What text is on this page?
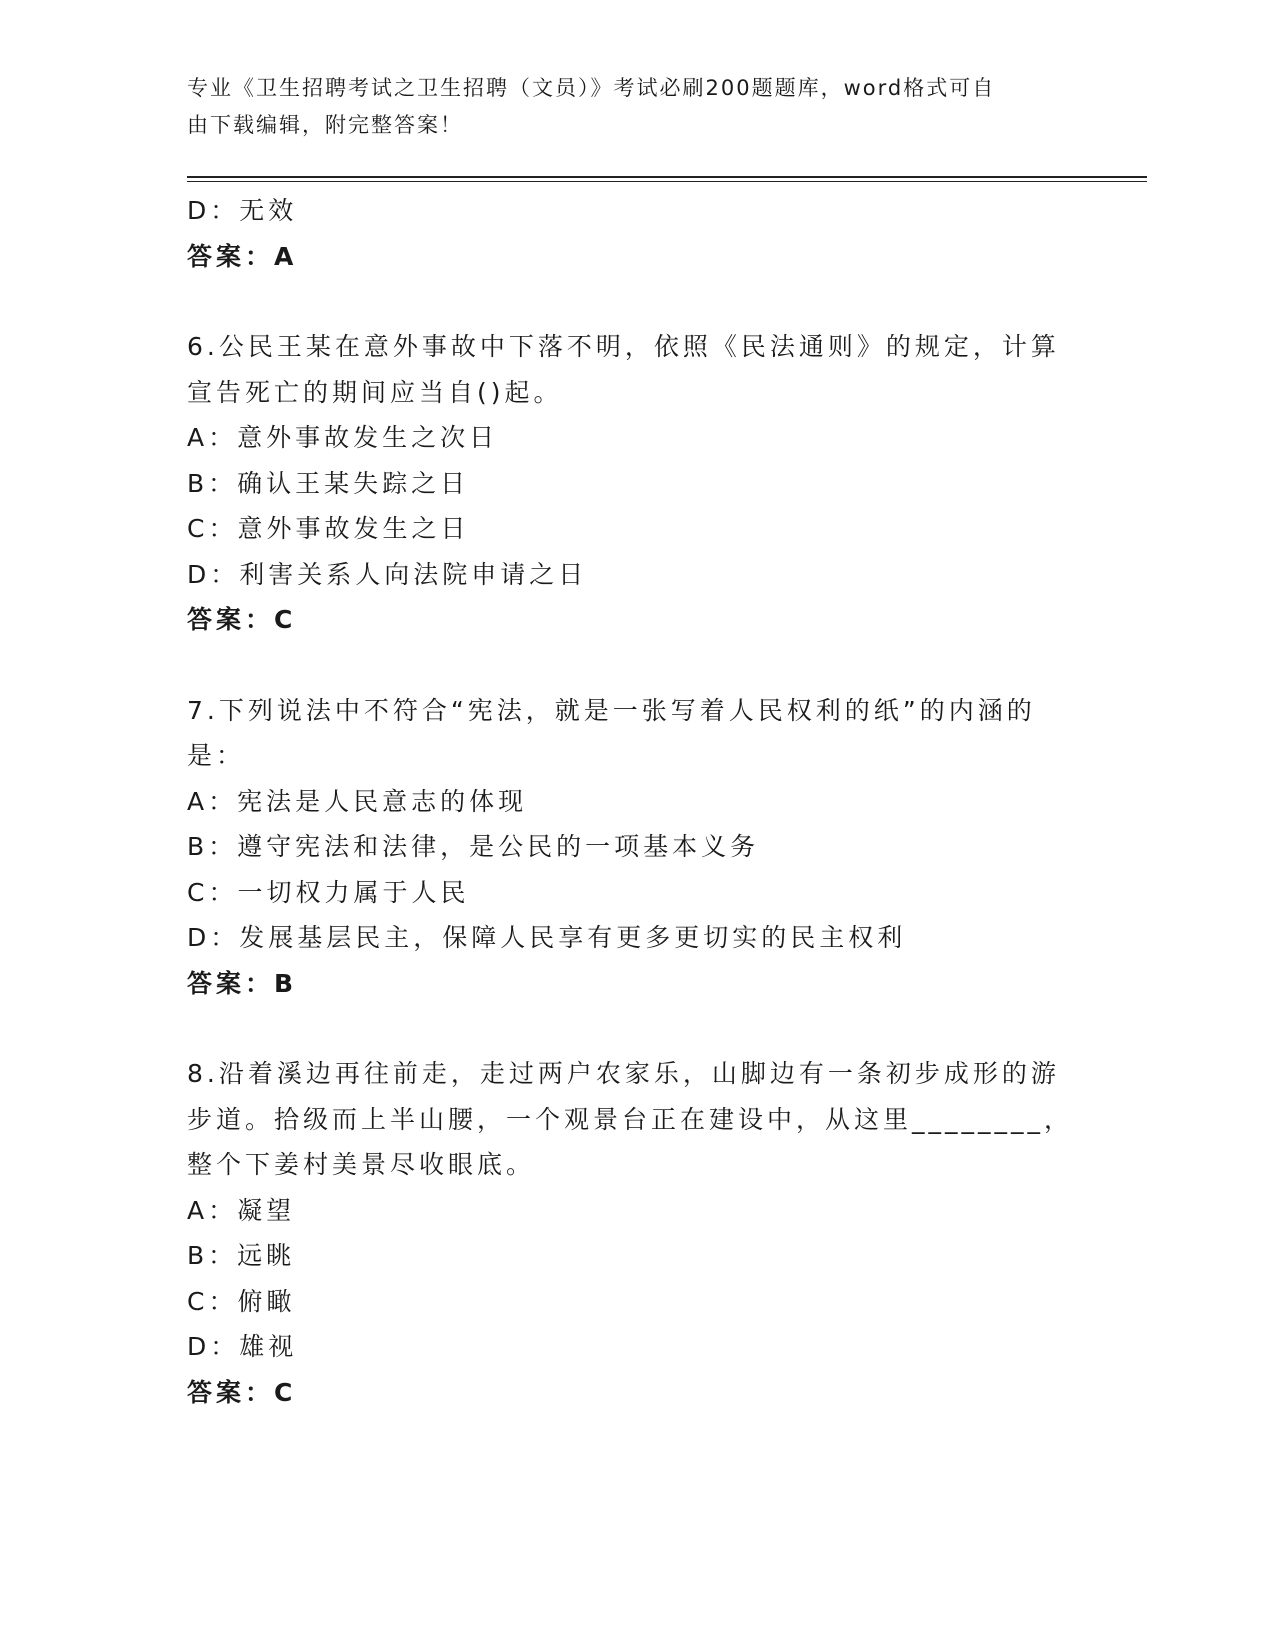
专业《卫生招聘考试之卫生招聘（文员）》考试必刷200题题库，word格式可自
由下载编辑，附完整答案！
D：无效
答案：A
6.公民王某在意外事故中下落不明，依照《民法通则》的规定，计算
宣告死亡的期间应当自()起。
A：意外事故发生之次日
B：确认王某失踪之日
C：意外事故发生之日
D：利害关系人向法院申请之日
答案：C
7.下列说法中不符合“宪法，就是一张写着人民权利的纸”的内涵的
是：
A：宪法是人民意志的体现
B：遵守宪法和法律，是公民的一项基本义务
C：一切权力属于人民
D：发展基层民主，保障人民享有更多更切实的民主权利
答案：B
8.沿着溪边再往前走，走过两户农家乐，山脚边有一条初步成形的游
步道。拾级而上半山腰，一个观景台正在建设中，从这里________，
整个下姜村美景尽收眼底。
A：凝望
B：远眺
C：俯瞰
D：雄视
答案：C
